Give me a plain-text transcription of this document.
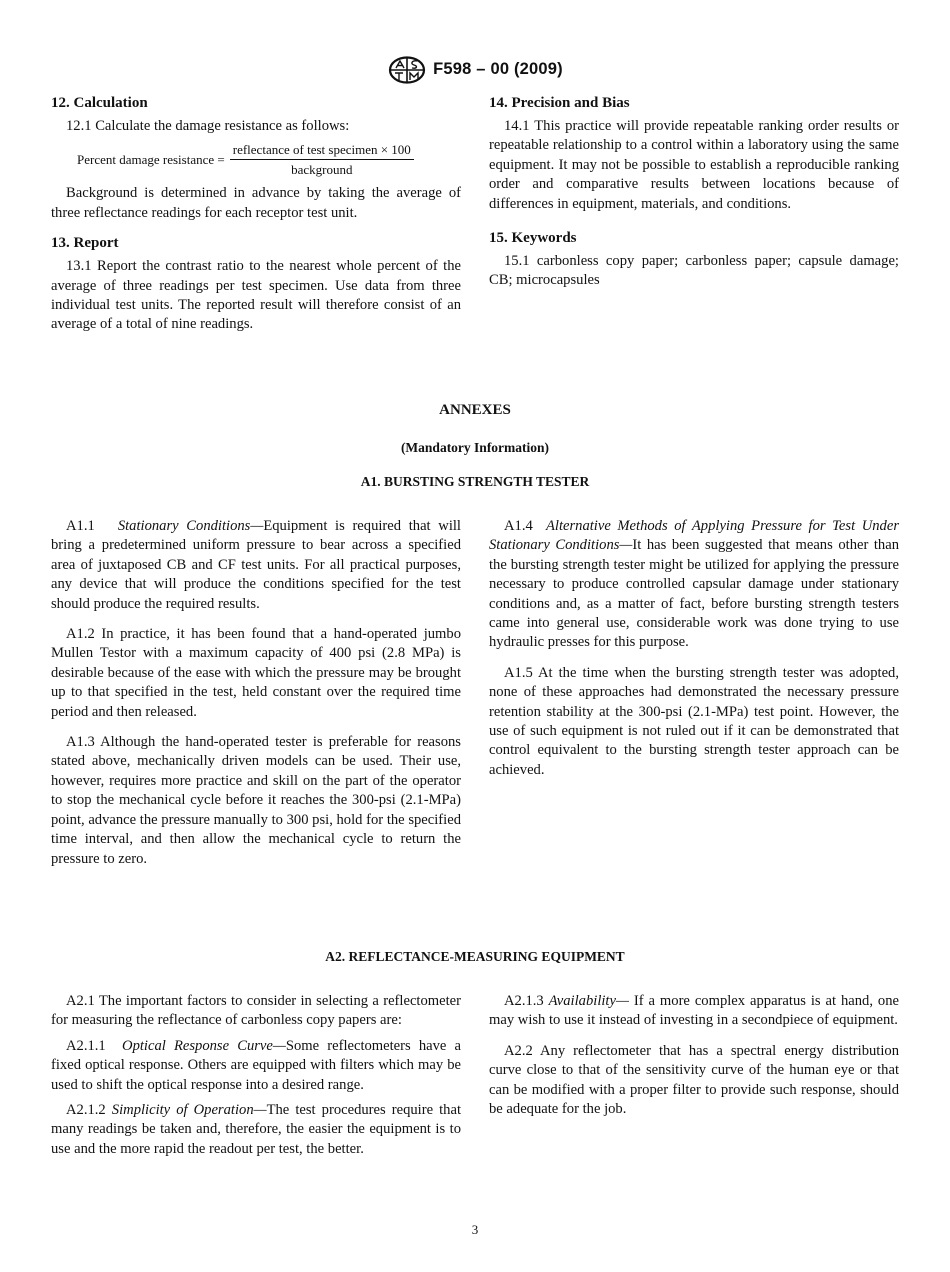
F598 – 00 (2009)
12. Calculation

12.1 Calculate the damage resistance as follows:

Percent damage resistance = $\frac{\text{reflectance of test specimen × 100}}{\text{background}}$

Background is determined in advance by taking the average of three reflectance readings for each receptor test unit.

13. Report

13.1 Report the contrast ratio to the nearest whole percent of the average of three readings per test specimen. Use data from three individual test units. The reported result will therefore consist of an average of a total of nine readings.

14. Precision and Bias

14.1 This practice will provide repeatable ranking order results or repeatable relationship to a control within a laboratory using the same equipment. It may not be possible to establish a reproducible ranking order and comparative results between locations because of differences in equipment, materials, and conditions.

15. Keywords

15.1 carbonless copy paper; carbonless paper; capsule damage; CB; microcapsules

ANNEXES
(Mandatory Information)
A1. BURSTING STRENGTH TESTER

A1.1 Stationary Conditions—Equipment is required that will bring a predetermined uniform pressure to bear across a specified area of juxtaposed CB and CF test units. For all practical purposes, any device that will produce the conditions specified for the test should produce the required results.

A1.2 In practice, it has been found that a hand-operated jumbo Mullen Testor with a maximum capacity of 400 psi (2.8 MPa) is desirable because of the ease with which the pressure may be brought up to that specified in the test, held constant over the required time period and then released.

A1.3 Although the hand-operated tester is preferable for reasons stated above, mechanically driven models can be used. Their use, however, requires more practice and skill on the part of the operator to stop the mechanical cycle before it reaches the 300-psi (2.1-MPa) point, advance the pressure manually to 300 psi, hold for the specified time interval, and then allow the mechanical cycle to return the pressure to zero.

A1.4 Alternative Methods of Applying Pressure for Test Under Stationary Conditions—It has been suggested that means other than the bursting strength tester might be utilized for applying the pressure necessary to produce controlled capsular damage under stationary conditions and, as a matter of fact, before bursting strength testers came into general use, considerable work was done trying to use hydraulic presses for this purpose.

A1.5 At the time when the bursting strength tester was adopted, none of these approaches had demonstrated the necessary pressure retention stability at the 300-psi (2.1-MPa) test point. However, the use of such equipment is not ruled out if it can be demonstrated that control equivalent to the bursting strength tester approach can be achieved.

A2. REFLECTANCE-MEASURING EQUIPMENT

A2.1 The important factors to consider in selecting a reflectometer for measuring the reflectance of carbonless copy papers are:

A2.1.1 Optical Response Curve—Some reflectometers have a fixed optical response. Others are equipped with filters which may be used to shift the optical response into a desired range.

A2.1.2 Simplicity of Operation—The test procedures require that many readings be taken and, therefore, the easier the equipment is to use and the more rapid the readout per test, the better.

A2.1.3 Availability— If a more complex apparatus is at hand, one may wish to use it instead of investing in a secondpiece of equipment.

A2.2 Any reflectometer that has a spectral energy distribution curve close to that of the sensitivity curve of the human eye or that can be modified with a proper filter to provide such response, should be adequate for the job.

3
